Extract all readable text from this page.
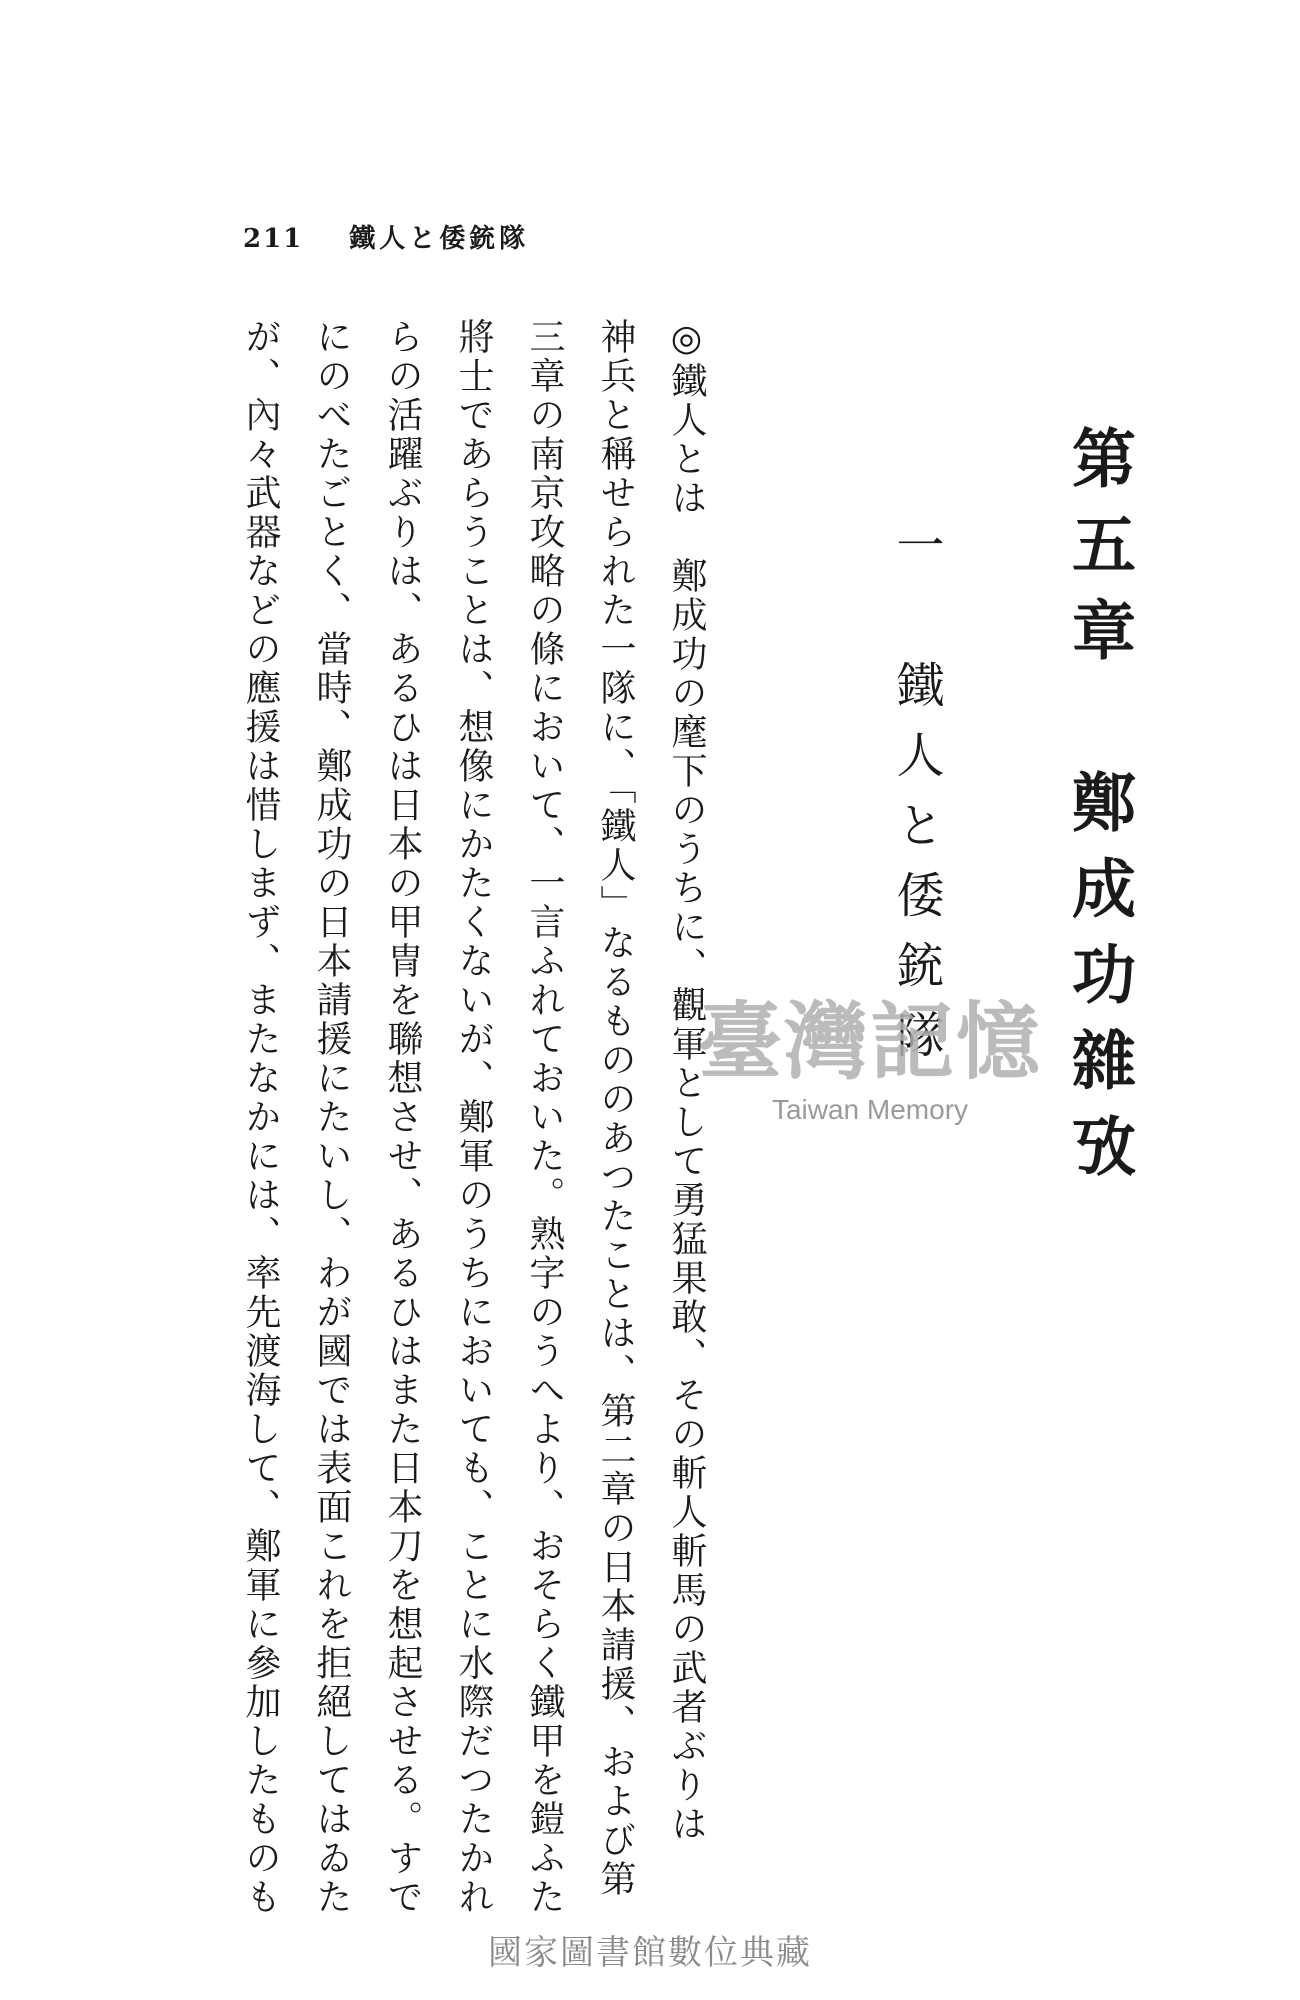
211 鐵人と倭銃隊
第五章　鄭成功雜攷
一　鐵人と倭銃隊
◎鐵人とは　鄭成功の麾下のうちに、觀軍として勇猛果敢、その斬人斬馬の武者ぶりは
神兵と稱せられた一隊に、「鐵人」なるもののあつたことは、第二章の日本請援、および第
三章の南京攻略の條において、一言ふれておいた。熟字のうへより、おそらく鐵甲を鎧ふた
將士であらうことは、想像にかたくないが、鄭軍のうちにおいても、ことに水際だつたかれ
らの活躍ぶりは、あるひは日本の甲冑を聯想させ、あるひはまた日本刀を想起させる。すで
にのべたごとく、當時、鄭成功の日本請援にたいし、わが國では表面これを拒絕してはゐた
が、內々武器などの應援は惜しまず、またなかには、率先渡海して、鄭軍に參加したものも	臺灣記憶
Taiwan Memory
國家圖書館數位典藏
